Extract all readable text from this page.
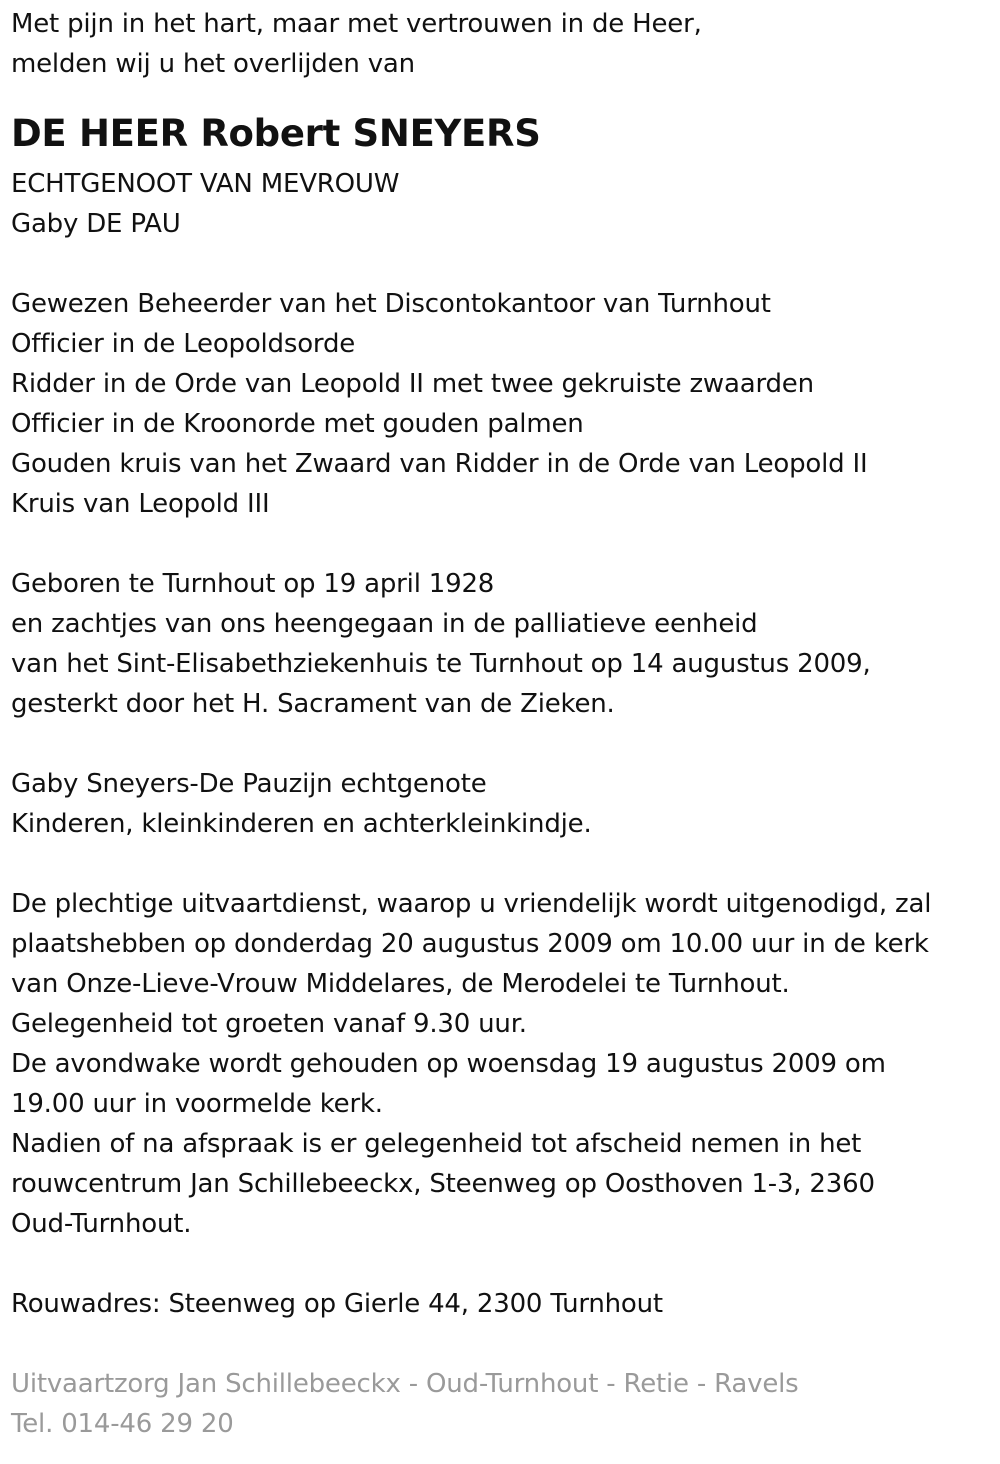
Met pijn in het hart, maar met vertrouwen in de Heer,
melden wij u het overlijden van
DE HEER Robert SNEYERS
ECHTGENOOT VAN MEVROUW
Gaby DE PAU
Gewezen Beheerder van het Discontokantoor van Turnhout
Officier in de Leopoldsorde
Ridder in de Orde van Leopold II met twee gekruiste zwaarden
Officier in de Kroonorde met gouden palmen
Gouden kruis van het Zwaard van Ridder in de Orde van Leopold II
Kruis van Leopold III
Geboren te Turnhout op 19 april 1928
en zachtjes van ons heengegaan in de palliatieve eenheid
van het Sint-Elisabethziekenhuis te Turnhout op 14 augustus 2009,
gesterkt door het H. Sacrament van de Zieken.
Gaby Sneyers-De Pauzijn echtgenote
Kinderen, kleinkinderen en achterkleinkindje.
De plechtige uitvaartdienst, waarop u vriendelijk wordt uitgenodigd, zal
plaatshebben op donderdag 20 augustus 2009 om 10.00 uur in de kerk
van Onze-Lieve-Vrouw Middelares, de Merodelei te Turnhout.
Gelegenheid tot groeten vanaf 9.30 uur.
De avondwake wordt gehouden op woensdag 19 augustus 2009 om
19.00 uur in voormelde kerk.
Nadien of na afspraak is er gelegenheid tot afscheid nemen in het
rouwcentrum Jan Schillebeeckx, Steenweg op Oosthoven 1-3, 2360
Oud-Turnhout.
Rouwadres: Steenweg op Gierle 44, 2300 Turnhout
Uitvaartzorg Jan Schillebeeckx - Oud-Turnhout - Retie - Ravels
Tel. 014-46 29 20
